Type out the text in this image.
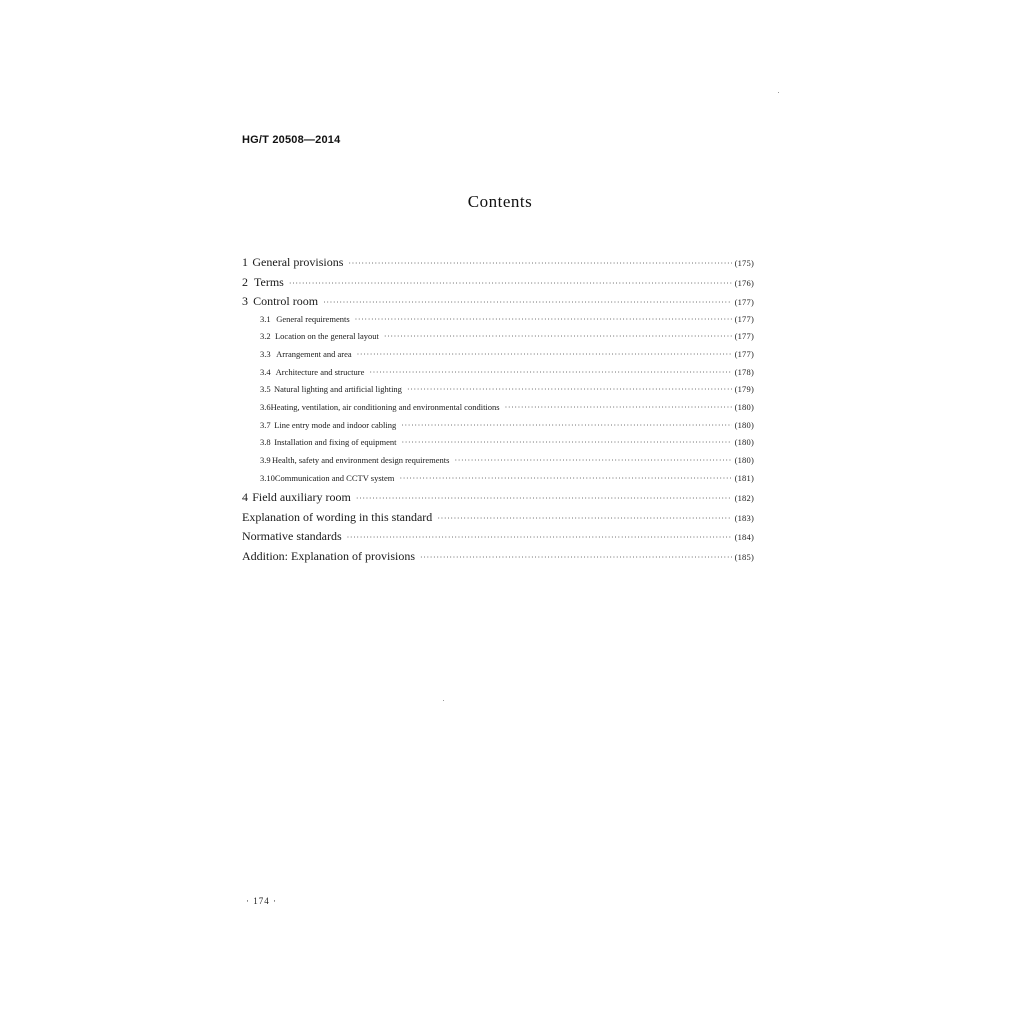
HG/T 20508—2014
Contents
1 General provisions ·····	(175)
2 Terms ·····	(176)
3 Control room ·····	(177)
3.1 General requirements ·····	(177)
3.2 Location on the general layout ·····	(177)
3.3 Arrangement and area ·····	(177)
3.4 Architecture and structure ·····	(178)
3.5 Natural lighting and artificial lighting ·····	(179)
3.6 Heating, ventilation, air conditioning and environmental conditions ·····	(180)
3.7 Line entry mode and indoor cabling ·····	(180)
3.8 Installation and fixing of equipment ·····	(180)
3.9 Health, safety and environment design requirements ·····	(180)
3.10 Communication and CCTV system ·····	(181)
4 Field auxiliary room ·····	(182)
Explanation of wording in this standard ·····	(183)
Normative standards ·····	(184)
Addition: Explanation of provisions ·····	(185)
· 174 ·
